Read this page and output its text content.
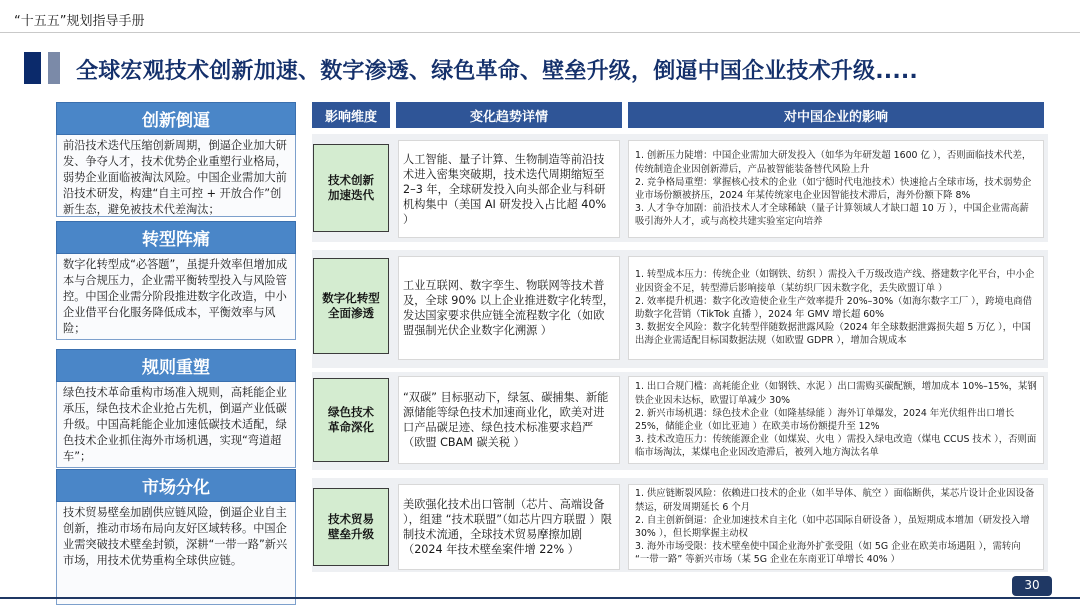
“十五五”规划指导手册
全球宏观技术创新加速、数字渗透、绿色革命、壁垒升级，倒逼中国企业技术升级.....
创新倒逼
前沿技术迭代压缩创新周期，倒逼企业加大研发、争夺人才，技术优势企业重塑行业格局，弱势企业面临被淘汰风险。中国企业需加大前沿技术研发，构建“自主可控 + 开放合作”创新生态，避免被技术代差淘汰；
转型阵痛
数字化转型成“必答题”，虽提升效率但增加成本与合规压力，企业需平衡转型投入与风险管控。中国企业需分阶段推进数字化改造，中小企业借平台化服务降低成本，平衡效率与风险；
规则重塑
绿色技术革命重构市场准入规则，高耗能企业承压，绿色技术企业抢占先机，倒逼产业低碳升级。中国高耗能企业加速低碳技术适配，绿色技术企业抓住海外市场机遇，实现“弯道超车”；
市场分化
技术贸易壁垒加剧供应链风险，倒逼企业自主创新，推动市场布局向友好区域转移。中国企业需突破技术壁垒封锁，深耕“一带一路”新兴市场，用技术优势重构全球供应链。
影响维度	变化趋势详情	对中国企业的影响
技术创新加速迭代
人工智能、量子计算、生物制造等前沿技术进入密集突破期，技术迭代周期缩短至 2–3 年，全球研发投入向头部企业与科研机构集中（美国 AI 研发投入占比超 40% ）
1. 创新压力陡增：中国企业需加大研发投入（如华为年研发超 1600 亿 ），否则面临技术代差，传统制造企业因创新滞后，产品被智能装备替代风险上升
2. 竞争格局重塑：掌握核心技术的企业（如宁德时代电池技术）快速抢占全球市场，技术弱势企业市场份额被挤压，2024 年某传统家电企业因智能技术滞后，海外份额下降 8%
3. 人才争夺加剧：前沿技术人才全球稀缺（量子计算领域人才缺口超 10 万 ），中国企业需高薪吸引海外人才，或与高校共建实验室定向培养
数字化转型全面渗透
工业互联网、数字孪生、物联网等技术普及，全球 90% 以上企业推进数字化转型，发达国家要求供应链全流程数字化（如欧盟强制光伏企业数字化溯源 ）
1. 转型成本压力：传统企业（如钢铁、纺织 ）需投入千万级改造产线、搭建数字化平台，中小企业因资金不足，转型滞后影响接单（某纺织厂因未数字化，丢失欧盟订单 ）
2. 效率提升机遇：数字化改造使企业生产效率提升 20%–30%（如海尔数字工厂 ），跨境电商借助数字化营销（TikTok 直播 ），2024 年 GMV 增长超 60%
3. 数据安全风险：数字化转型伴随数据泄露风险（2024 年全球数据泄露损失超 5 万亿 ），中国出海企业需适配目标国数据法规（如欧盟 GDPR ），增加合规成本
绿色技术革命深化
“双碳” 目标驱动下，绿氢、碳捕集、新能源储能等绿色技术加速商业化，欧美对进口产品碳足迹、绿色技术标准要求趋严（欧盟 CBAM 碳关税 ）
1. 出口合规门槛：高耗能企业（如钢铁、水泥 ）出口需购买碳配额，增加成本 10%–15%，某钢铁企业因未达标，欧盟订单减少 30%
2. 新兴市场机遇：绿色技术企业（如隆基绿能 ）海外订单爆发，2024 年光伏组件出口增长 25%，储能企业（如比亚迪 ）在欧美市场份额提升至 12%
3. 技术改造压力：传统能源企业（如煤炭、火电 ）需投入绿电改造（煤电 CCUS 技术 ），否则面临市场淘汰，某煤电企业因改造滞后，被列入地方淘汰名单
技术贸易壁垒升级
美欧强化技术出口管制（芯片、高端设备 ），组建 “技术联盟”（如芯片四方联盟 ）限制技术流通，全球技术贸易摩擦加剧（2024 年技术壁垒案件增 22% ）
1. 供应链断裂风险：依赖进口技术的企业（如半导体、航空 ）面临断供，某芯片设计企业因设备禁运，研发周期延长 6 个月
2. 自主创新倒逼：企业加速技术自主化（如中芯国际自研设备 ），虽短期成本增加（研发投入增 30% ），但长期掌握主动权
3. 海外市场受限：技术壁垒使中国企业海外扩张受阻（如 5G 企业在欧美市场遇阻 ），需转向 “一带一路” 等新兴市场（某 5G 企业在东南亚订单增长 40% ）
30
